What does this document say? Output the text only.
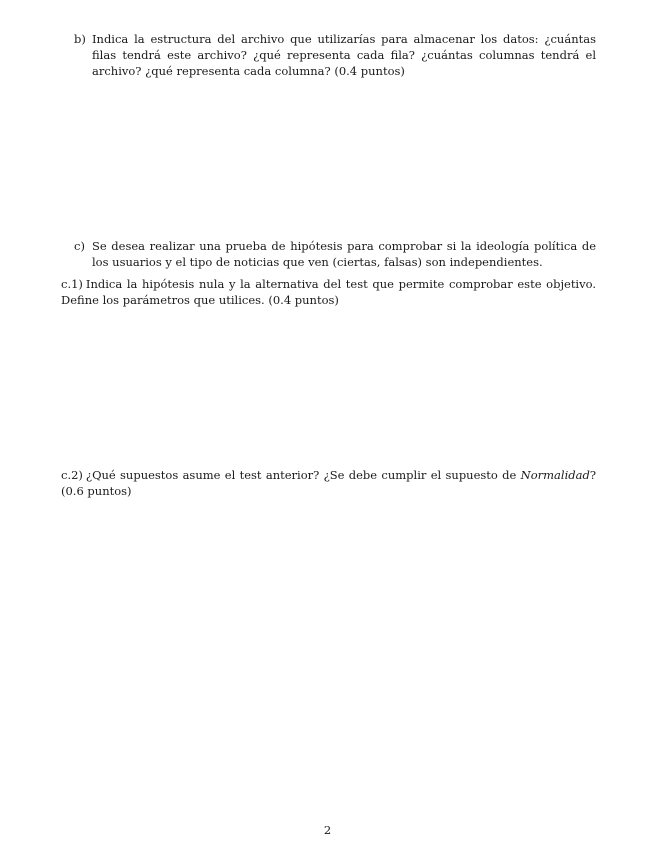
b) Indica la estructura del archivo que utilizarías para almacenar los datos: ¿cuántas filas tendrá este archivo? ¿qué representa cada fila? ¿cuántas columnas tendrá el archivo? ¿qué representa cada columna? (0.4 puntos)
c) Se desea realizar una prueba de hipótesis para comprobar si la ideología política de los usuarios y el tipo de noticias que ven (ciertas, falsas) son independientes.
c.1) Indica la hipótesis nula y la alternativa del test que permite comprobar este objetivo. Define los parámetros que utilices. (0.4 puntos)
c.2) ¿Qué supuestos asume el test anterior? ¿Se debe cumplir el supuesto de Normalidad? (0.6 puntos)
2
